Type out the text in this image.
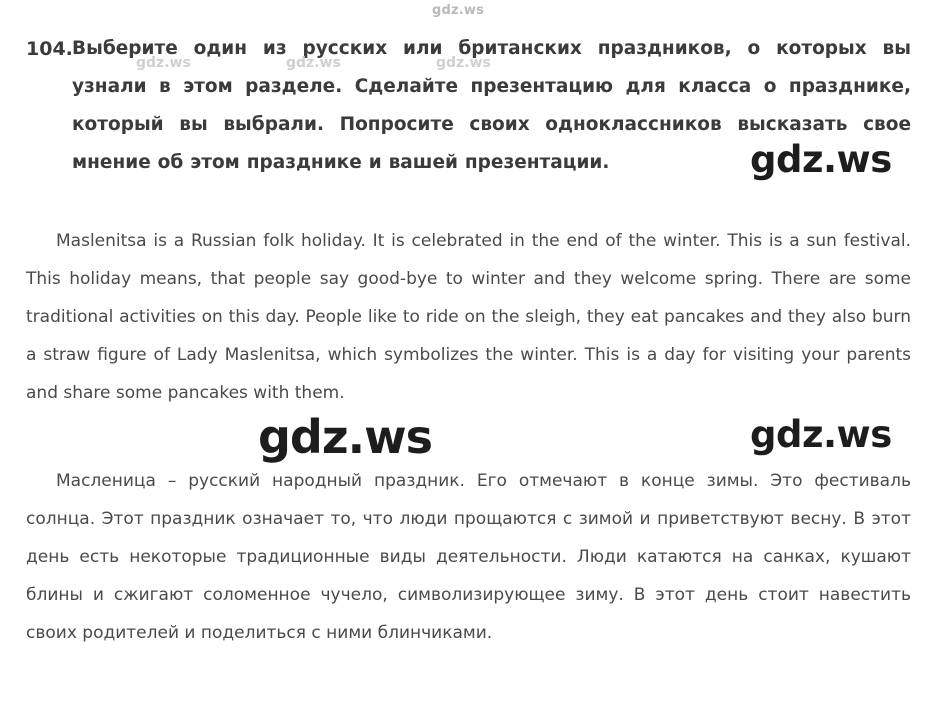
gdz.ws
104. Выберите один из русских или британских праздников, о которых вы узнали в этом разделе. Сделайте презентацию для класса о празднике, который вы выбрали. Попросите своих одноклассников высказать свое мнение об этом празднике и вашей презентации.
Maslenitsa is a Russian folk holiday. It is celebrated in the end of the winter. This is a sun festival. This holiday means, that people say good-bye to winter and they welcome spring. There are some traditional activities on this day. People like to ride on the sleigh, they eat pancakes and they also burn a straw figure of Lady Maslenitsa, which symbolizes the winter. This is a day for visiting your parents and share some pancakes with them.
Масленица – русский народный праздник. Его отмечают в конце зимы. Это фестиваль солнца. Этот праздник означает то, что люди прощаются с зимой и приветствуют весну. В этот день есть некоторые традиционные виды деятельности. Люди катаются на санках, кушают блины и сжигают соломенное чучело, символизирующее зиму. В этот день стоит навестить своих родителей и поделиться с ними блинчиками.
gdz.ws	gdz.ws	gdz.ws
gdz.ws
gdz.ws
gdz.ws
